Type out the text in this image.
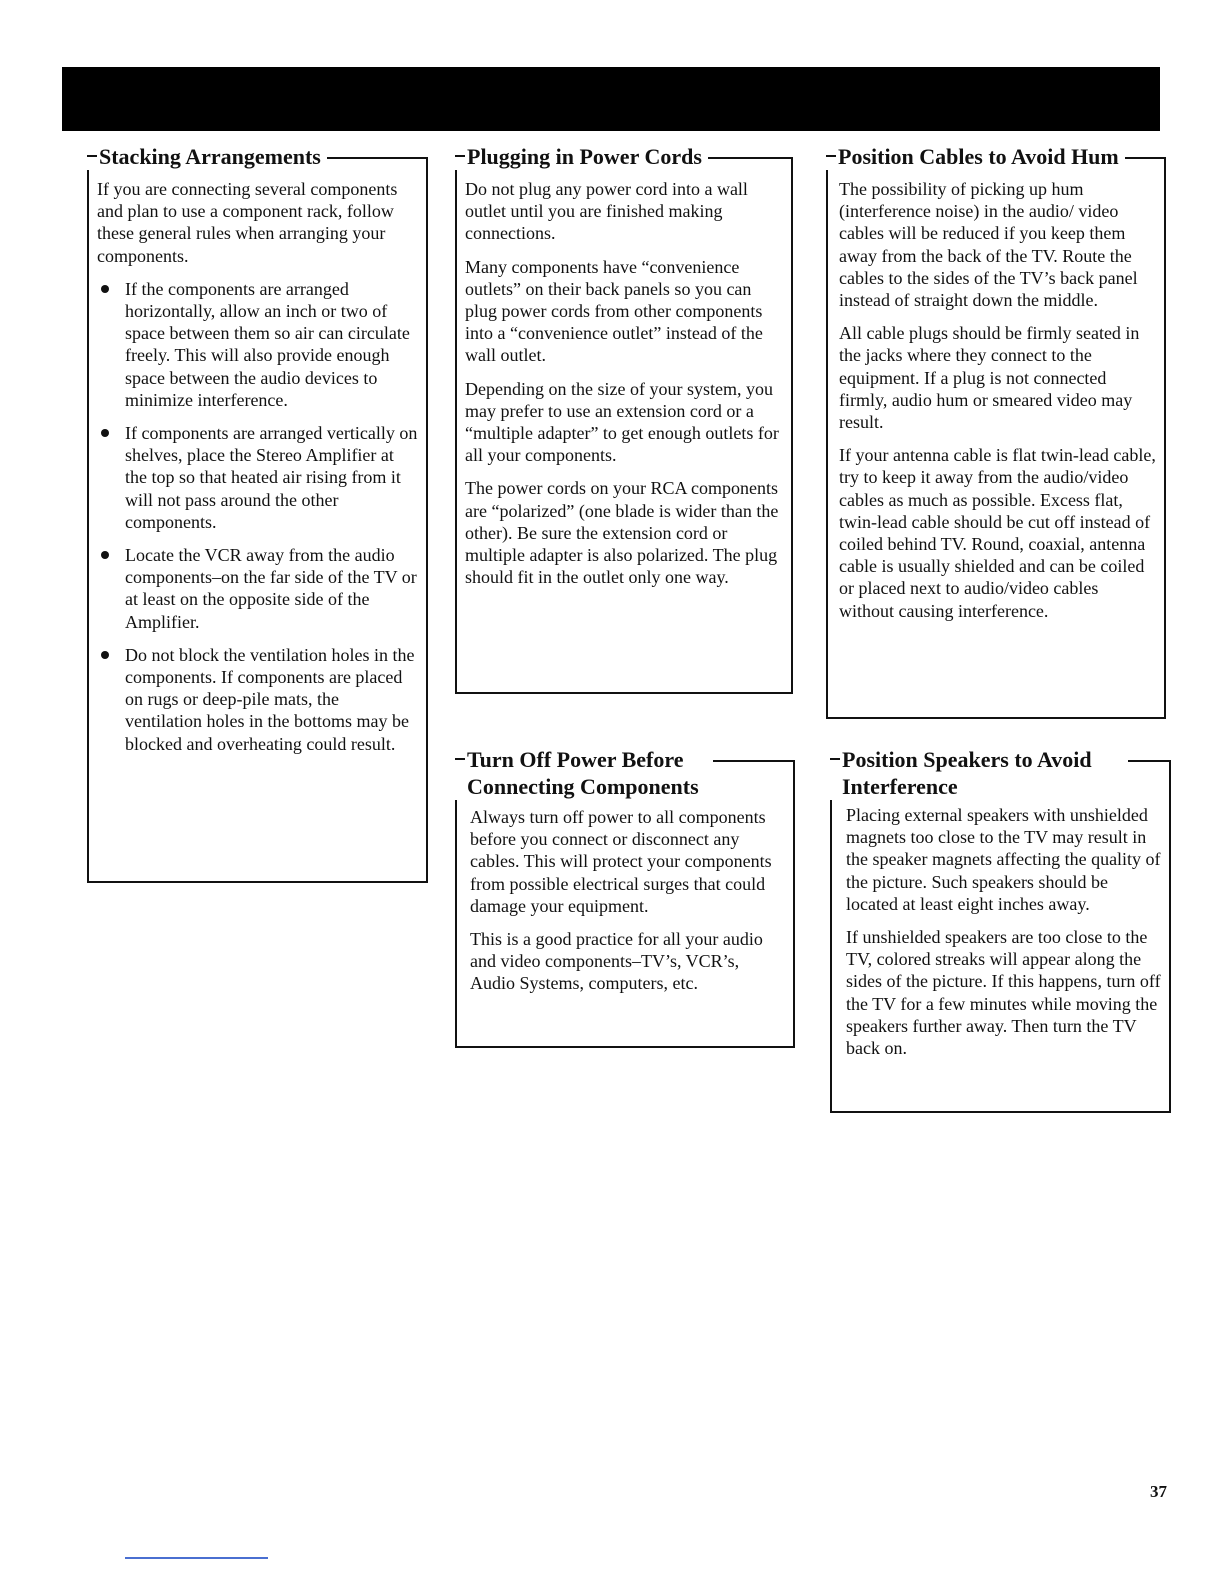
Stacking Arrangements

If you are connecting several components and plan to use a component rack, follow these general rules when arranging your components.

If the components are arranged horizontally, allow an inch or two of space between them so air can circulate freely. This will also provide enough space between the audio devices to minimize interference.
If components are arranged vertically on shelves, place the Stereo Amplifier at the top so that heated air rising from it will not pass around the other components.
Locate the VCR away from the audio components–on the far side of the TV or at least on the opposite side of the Amplifier.
Do not block the ventilation holes in the components. If components are placed on rugs or deep-pile mats, the ventilation holes in the bottoms may be blocked and overheating could result.
Plugging in Power Cords

Do not plug any power cord into a wall outlet until you are finished making connections.

Many components have “convenience outlets” on their back panels so you can plug power cords from other components into a “convenience outlet” instead of the wall outlet.

Depending on the size of your system, you may prefer to use an extension cord or a “multiple adapter” to get enough outlets for all your components.

The power cords on your RCA components are “polarized” (one blade is wider than the other). Be sure the extension cord or multiple adapter is also polarized. The plug should fit in the outlet only one way.

Turn Off Power Before Connecting Components

Always turn off power to all components before you connect or disconnect any cables. This will protect your components from possible electrical surges that could damage your equipment.

This is a good practice for all your audio and video components–TV’s, VCR’s, Audio Systems, computers, etc.

Position Cables to Avoid Hum

The possibility of picking up hum (interference noise) in the audio/ video cables will be reduced if you keep them away from the back of the TV. Route the cables to the sides of the TV’s back panel instead of straight down the middle.

All cable plugs should be firmly seated in the jacks where they connect to the equipment. If a plug is not connected firmly, audio hum or smeared video may result.

If your antenna cable is flat twin-lead cable, try to keep it away from the audio/video cables as much as possible. Excess flat, twin-lead cable should be cut off instead of coiled behind TV. Round, coaxial, antenna cable is usually shielded and can be coiled or placed next to audio/video cables without causing interference.

Position Speakers to Avoid Interference

Placing external speakers with unshielded magnets too close to the TV may result in the speaker magnets affecting the quality of the picture. Such speakers should be located at least eight inches away.

If unshielded speakers are too close to the TV, colored streaks will appear along the sides of the picture. If this happens, turn off the TV for a few minutes while moving the speakers further away. Then turn the TV back on.

37
